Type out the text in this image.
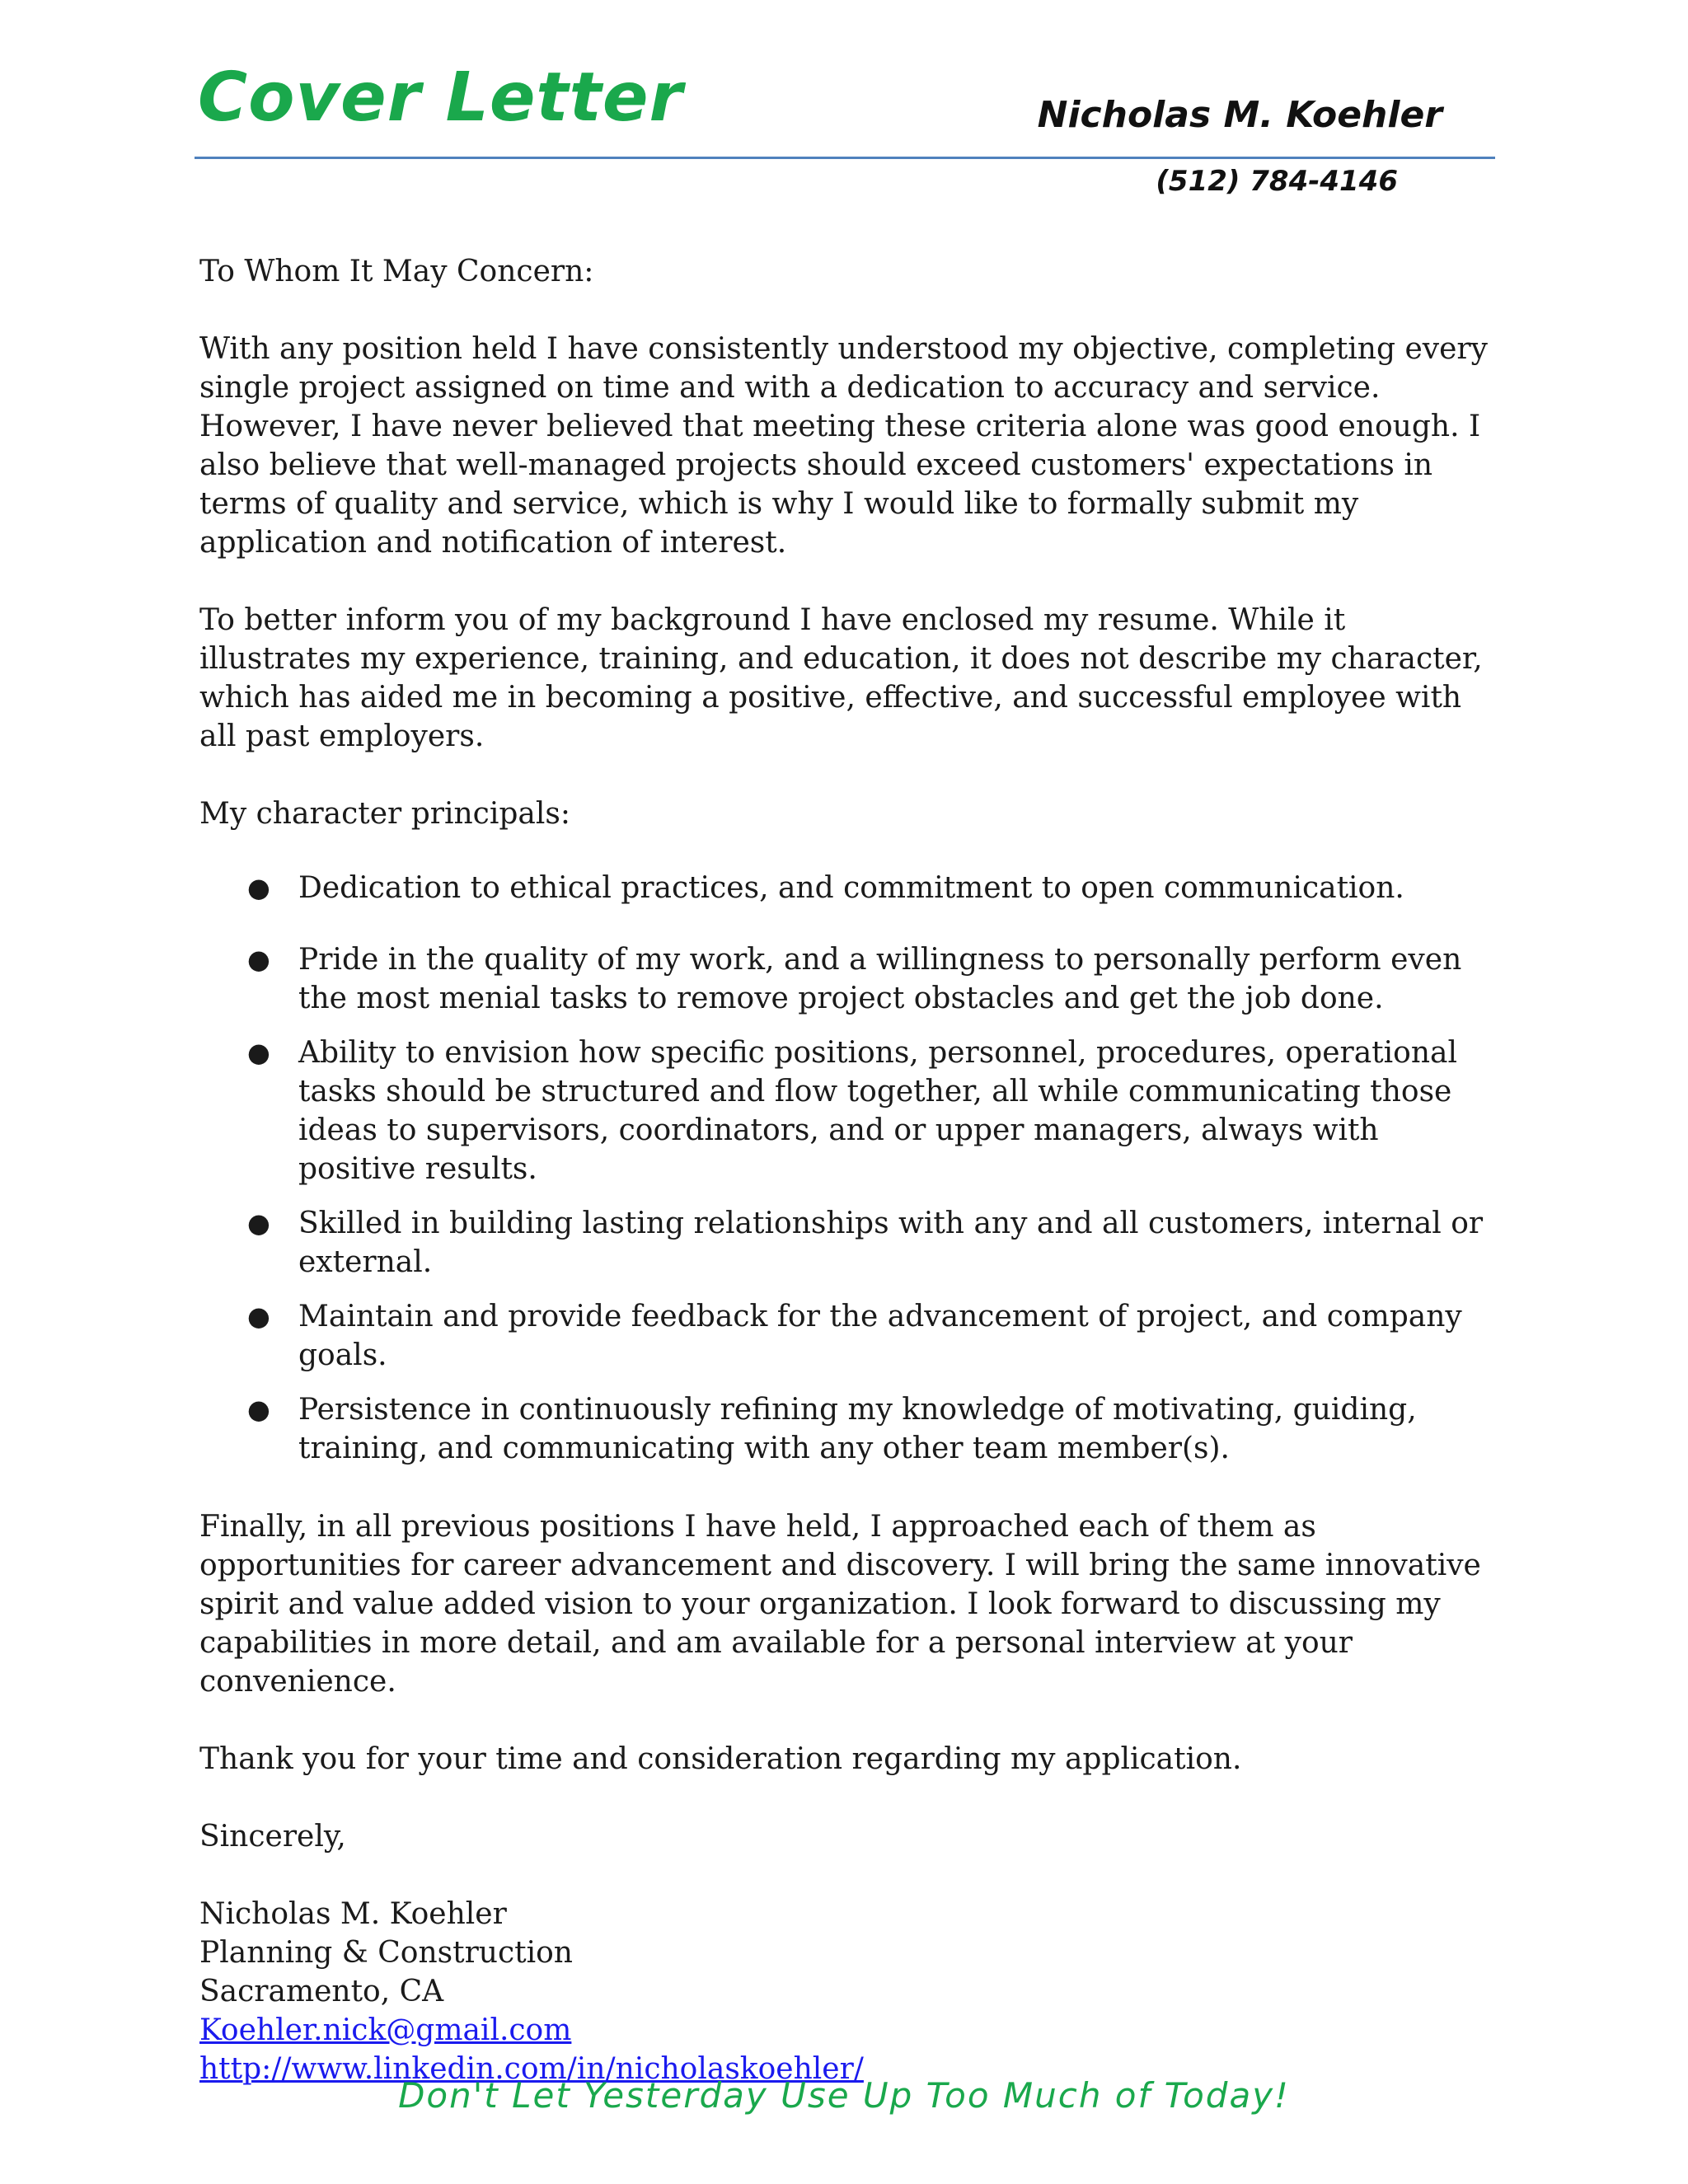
Cover Letter	Nicholas M. Koehler
(512) 784-4146

To Whom It May Concern:

With any position held I have consistently understood my objective, completing every single project assigned on time and with a dedication to accuracy and service. However, I have never believed that meeting these criteria alone was good enough. I also believe that well-managed projects should exceed customers' expectations in terms of quality and service, which is why I would like to formally submit my application and notification of interest.

To better inform you of my background I have enclosed my resume. While it illustrates my experience, training, and education, it does not describe my character, which has aided me in becoming a positive, effective, and successful employee with all past employers.

My character principals:

● Dedication to ethical practices, and commitment to open communication.
● Pride in the quality of my work, and a willingness to personally perform even the most menial tasks to remove project obstacles and get the job done.
● Ability to envision how specific positions, personnel, procedures, operational tasks should be structured and flow together, all while communicating those ideas to supervisors, coordinators, and or upper managers, always with positive results.
● Skilled in building lasting relationships with any and all customers, internal or external.
● Maintain and provide feedback for the advancement of project, and company goals.
● Persistence in continuously refining my knowledge of motivating, guiding, training, and communicating with any other team member(s).

Finally, in all previous positions I have held, I approached each of them as opportunities for career advancement and discovery. I will bring the same innovative spirit and value added vision to your organization. I look forward to discussing my capabilities in more detail, and am available for a personal interview at your convenience.

Thank you for your time and consideration regarding my application.

Sincerely,

Nicholas M. Koehler

Planning & Construction

Sacramento, CA

Koehler.nick@gmail.com

http://www.linkedin.com/in/nicholaskoehler/

Don't Let Yesterday Use Up Too Much of Today!
